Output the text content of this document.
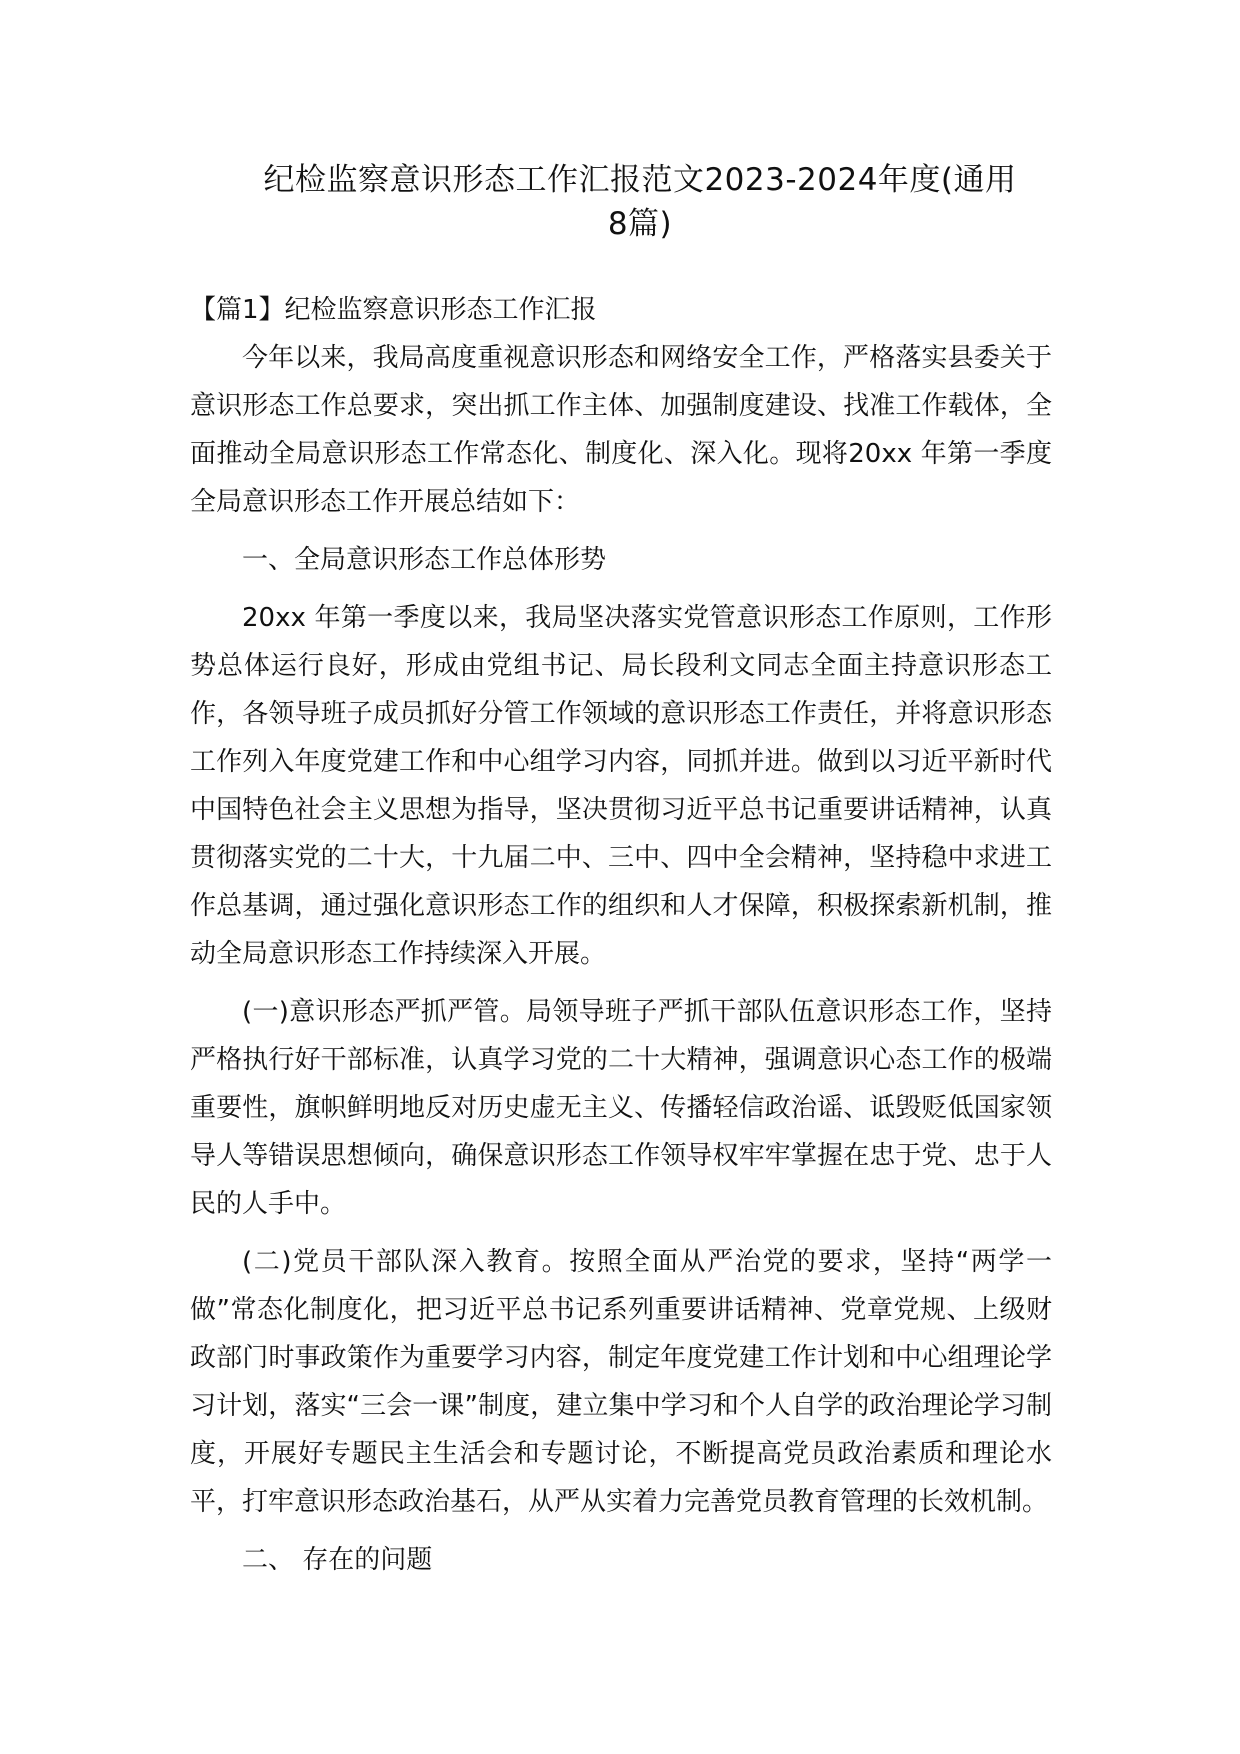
纪检监察意识形态工作汇报范文2023-2024年度(通用
8篇)
【篇1】纪检监察意识形态工作汇报

今年以来，我局高度重视意识形态和网络安全工作，严格落实县委关于意识形态工作总要求，突出抓工作主体、加强制度建设、找准工作载体，全面推动全局意识形态工作常态化、制度化、深入化。现将20xx 年第一季度全局意识形态工作开展总结如下：

一、全局意识形态工作总体形势

20xx 年第一季度以来，我局坚决落实党管意识形态工作原则，工作形势总体运行良好，形成由党组书记、局长段利文同志全面主持意识形态工作，各领导班子成员抓好分管工作领域的意识形态工作责任，并将意识形态工作列入年度党建工作和中心组学习内容，同抓并进。做到以习近平新时代中国特色社会主义思想为指导，坚决贯彻习近平总书记重要讲话精神，认真贯彻落实党的二十大，十九届二中、三中、四中全会精神，坚持稳中求进工作总基调，通过强化意识形态工作的组织和人才保障，积极探索新机制，推动全局意识形态工作持续深入开展。

(一)意识形态严抓严管。局领导班子严抓干部队伍意识形态工作，坚持严格执行好干部标准，认真学习党的二十大精神，强调意识心态工作的极端重要性，旗帜鲜明地反对历史虚无主义、传播轻信政治谣、诋毁贬低国家领导人等错误思想倾向，确保意识形态工作领导权牢牢掌握在忠于党、忠于人民的人手中。

(二)党员干部队深入教育。按照全面从严治党的要求，坚持“两学一做”常态化制度化，把习近平总书记系列重要讲话精神、党章党规、上级财政部门时事政策作为重要学习内容，制定年度党建工作计划和中心组理论学习计划，落实“三会一课”制度，建立集中学习和个人自学的政治理论学习制度，开展好专题民主生活会和专题讨论，不断提高党员政治素质和理论水平，打牢意识形态政治基石，从严从实着力完善党员教育管理的长效机制。

二、 存在的问题
